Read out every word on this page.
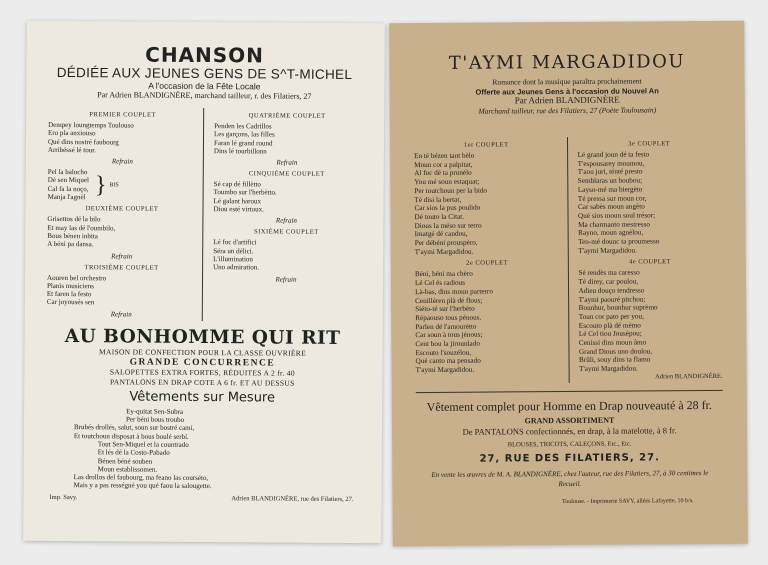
CHANSON
DÉDIÉE AUX JEUNES GENS DE S^T-MICHEL
A l'occasion de la Fête Locale
Par Adrien BLANDIGNÈRE, marchand tailleur, r. des Filatiers, 27
PREMIER COUPLET
Dempey loungtemps Toulouso
Ero pla anxiouso
Qué dins nostré faubourg
Arribéssé lé tour.
Refrain
Pel la balocho
Dé sen Miquel
Cal fa la noço,
Manja l'agnèl } BIS
DEUXIÈME COUPLET
Grisettos dé la bilo
Et may las dé l'oumbilo,
Bous bénen inbita
A béni pa dansa.
Refrain
TROISIÈME COUPLET
Aouren bel orchestro
Planis musiciens
Et faren la festo
Car joyousés sen
Refrain
QUATRIÈME COUPLET
Penden les Cadrillos
Les garçons, las filles
Faran lé grand round
Dins lé tourbillonn
Refrain
CINQUIÈME COUPLET
Sé cap dé fillètto
Toumbo sur l'herbètto.
Lé galant haroux
Diou esté virtoux.
Refrain
SIXIÈME COUPLET
Lé foc d'artifici
Séra un délici.
L'illumination
Uno admiration.
Refrain
AU BONHOMME QUI RIT
MAISON DE CONFECTION POUR LA CLASSE OUVRIÈRE
GRANDE CONCURRENCE
SALOPETTES EXTRA FORTES, RÉDUITES A 2 fr. 40
PANTALONS EN DRAP COTE A 6 fr. ET AU DESSUS
Vêtements sur Mesure
Ey-quitat Sen-Subra
Per béni bous troubo
Brubés drollés, salut, soun sur bostré camí,
Et toutchoun disposat à bous boulé serbí.
Tout Sen-Miquel et la countrado
Et lés dé la Costo-Pabado
Bénen béné souben
Moun establissomen.
Las drollos del faubourg, ma feano las courséto,
Mais y a pas rességné you qué faou la salougette.
Imp. Savy.	Adrien BLANDIGNÈRE, rue des Filatiers, 27.
T'AYMI MARGADIDOU
Romance dont la musique paraîtra prochainement
Offerte aux Jeunes Gens à l'occasion du Nouvel An
Par Adrien BLANDIGNÈRE
Marchand tailleur, rue des Filatiers, 27 (Poète Toulousain)
1er COUPLET
En té bézen tant bèlo
Moun cor a palpitat,
Al foc dé ta prunèlo
You mé soun estaquat;
Per toutchoun per la bido
Té disi la bertat,
Car sios la pus poulido
Dé touto la Citat.
Dious la méso sur terro
Imatgé dé candou,
Per débéni prouspèro,
T'aymi Margadidou.
2e COUPLET
Béni, béni ma chèro
Lé Cel és radious
Là-bas, dins moun parterro
Cenillèren plà dé flous;
Siéto-té sur l'herbèto
Répaouso tous pénous.
Parlen dé l'amourètto
Car soun à tous jénous;
Cent bou la jirounlado
Escouto l'souzélou,
Qué canto ma pensado
T'aymi Margadidou.
3e COUPLET
Lé grand joun dé ta festo
T'espousarey moumou,
T'aou juri, ténté presto
Semblaras un boubou;
Layso-mé ma biergèto
Té pressa sur moun cor,
Car sabès moun angèto
Qué sios moun soul trésor;
Ma charmanto mestresso
Rayno, moun agnèlou,
Ten-mé dounc ta proumesso
T'aymi Margadidou.
4e COUPLET
Sé rendès ma caresso
Té direy, car poulou,
Adieu douço tendresso
T'aymi paouré pitchou;
Bounhur, bounhur suprèmo
Toun cor pato per you,
Escouto plà dé mèmo
Lé Cel tiou Jousèpou;
Cenissi dins moun âmo
Grand Dious uno doulou,
Brûli, souy dins ta flamo
T'aymi Margadidou.
Adrien BLANDIGNÈRE.
Vêtement complet pour Homme en Drap nouveauté à 28 fr.
GRAND ASSORTIMENT
De PANTALONS confectionnés, en drap, à la matelotte, à 8 fr.
BLOUSES, TRICOTS, CALEÇONS, Etc., Etc.
27, RUE DES FILATIERS, 27.
En vente les œuvres de M. A. BLANDIGNÈRE, chez l'auteur, rue des Filatiers, 27, à 30 centimes le Recueil.
Toulouse. - Imprimerie SAVY, allées Lafayette, 10 b/s.
